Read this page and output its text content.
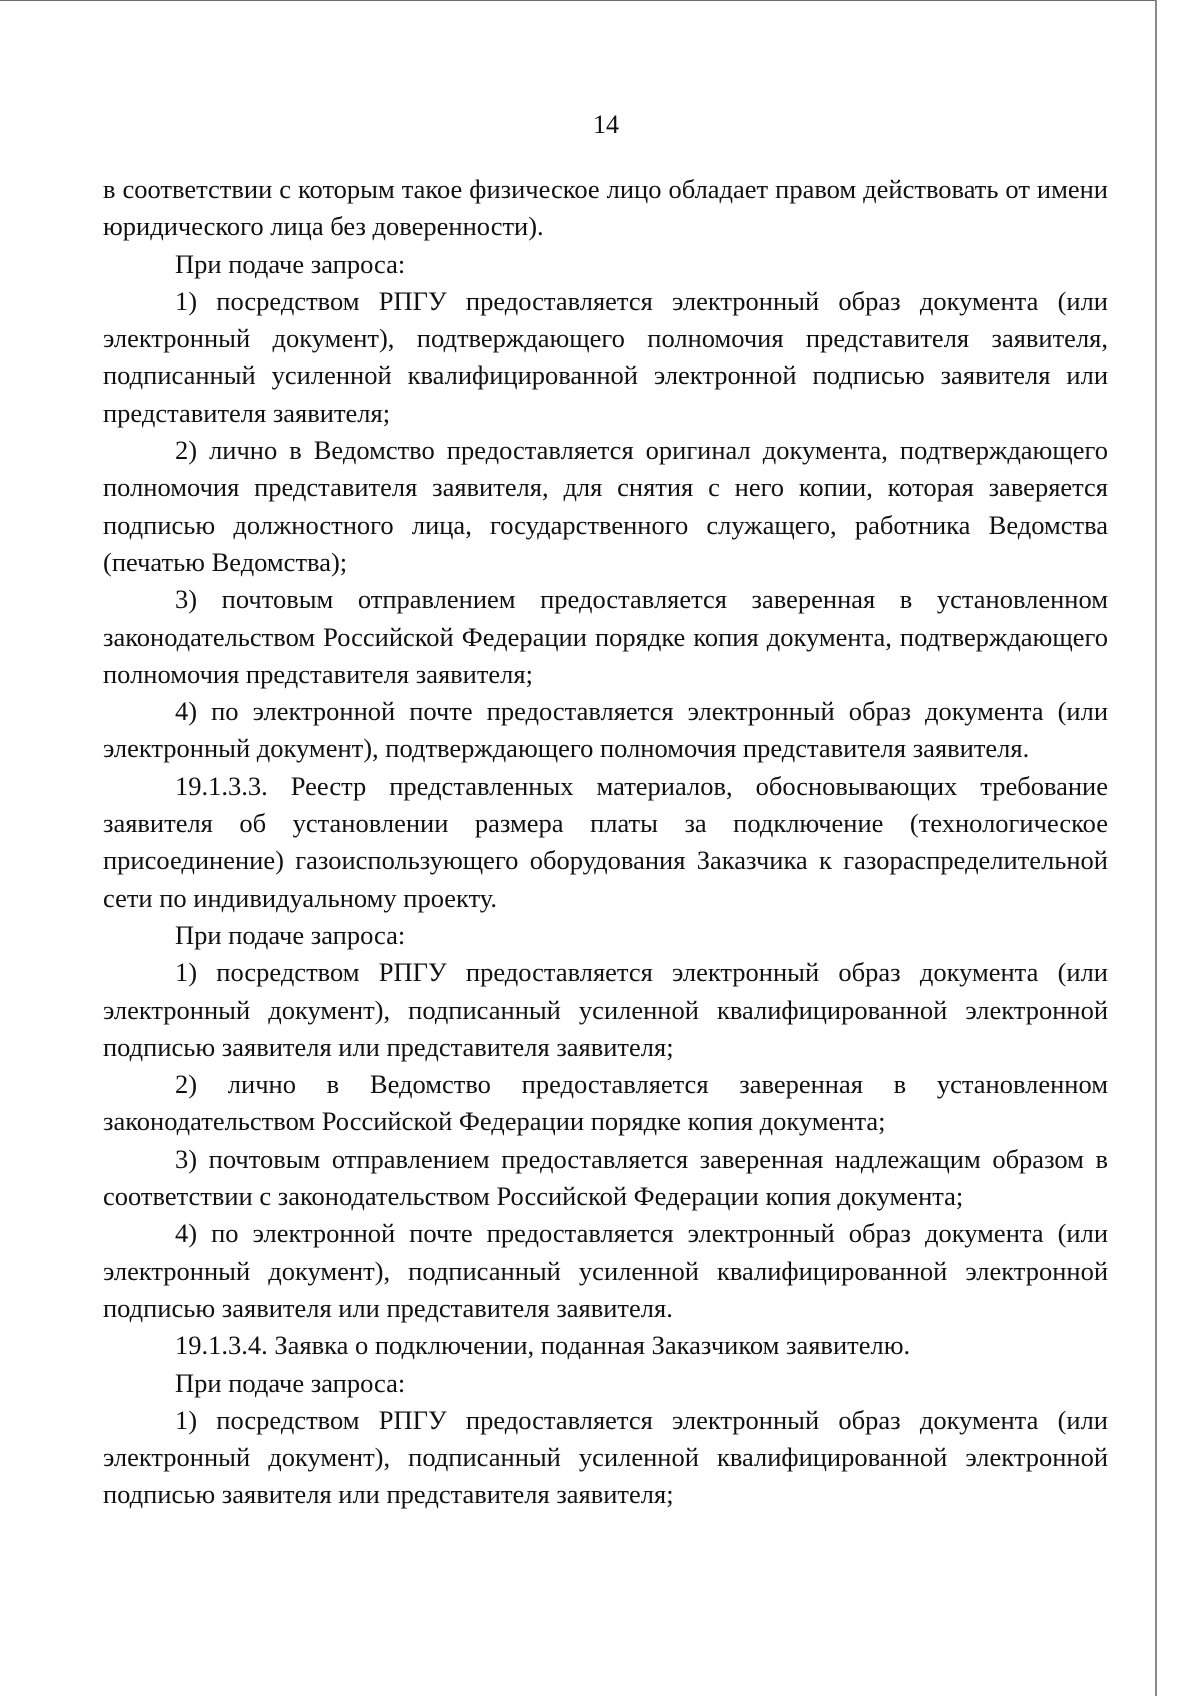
14

в соответствии с которым такое физическое лицо обладает правом действовать от имени юридического лица без доверенности).

При подаче запроса:

1) посредством РПГУ предоставляется электронный образ документа (или электронный документ), подтверждающего полномочия представителя заявителя, подписанный усиленной квалифицированной электронной подписью заявителя или представителя заявителя;

2) лично в Ведомство предоставляется оригинал документа, подтверждающего полномочия представителя заявителя, для снятия с него копии, которая заверяется подписью должностного лица, государственного служащего, работника Ведомства (печатью Ведомства);

3) почтовым отправлением предоставляется заверенная в установленном законодательством Российской Федерации порядке копия документа, подтверждающего полномочия представителя заявителя;

4) по электронной почте предоставляется электронный образ документа (или электронный документ), подтверждающего полномочия представителя заявителя.

19.1.3.3. Реестр представленных материалов, обосновывающих требование заявителя об установлении размера платы за подключение (технологическое присоединение) газоиспользующего оборудования Заказчика к газораспределительной сети по индивидуальному проекту.

При подаче запроса:

1) посредством РПГУ предоставляется электронный образ документа (или электронный документ), подписанный усиленной квалифицированной электронной подписью заявителя или представителя заявителя;

2) лично в Ведомство предоставляется заверенная в установленном законодательством Российской Федерации порядке копия документа;

3) почтовым отправлением предоставляется заверенная надлежащим образом в соответствии с законодательством Российской Федерации копия документа;

4) по электронной почте предоставляется электронный образ документа (или электронный документ), подписанный усиленной квалифицированной электронной подписью заявителя или представителя заявителя.

19.1.3.4. Заявка о подключении, поданная Заказчиком заявителю.

При подаче запроса:

1) посредством РПГУ предоставляется электронный образ документа (или электронный документ), подписанный усиленной квалифицированной электронной подписью заявителя или представителя заявителя;
